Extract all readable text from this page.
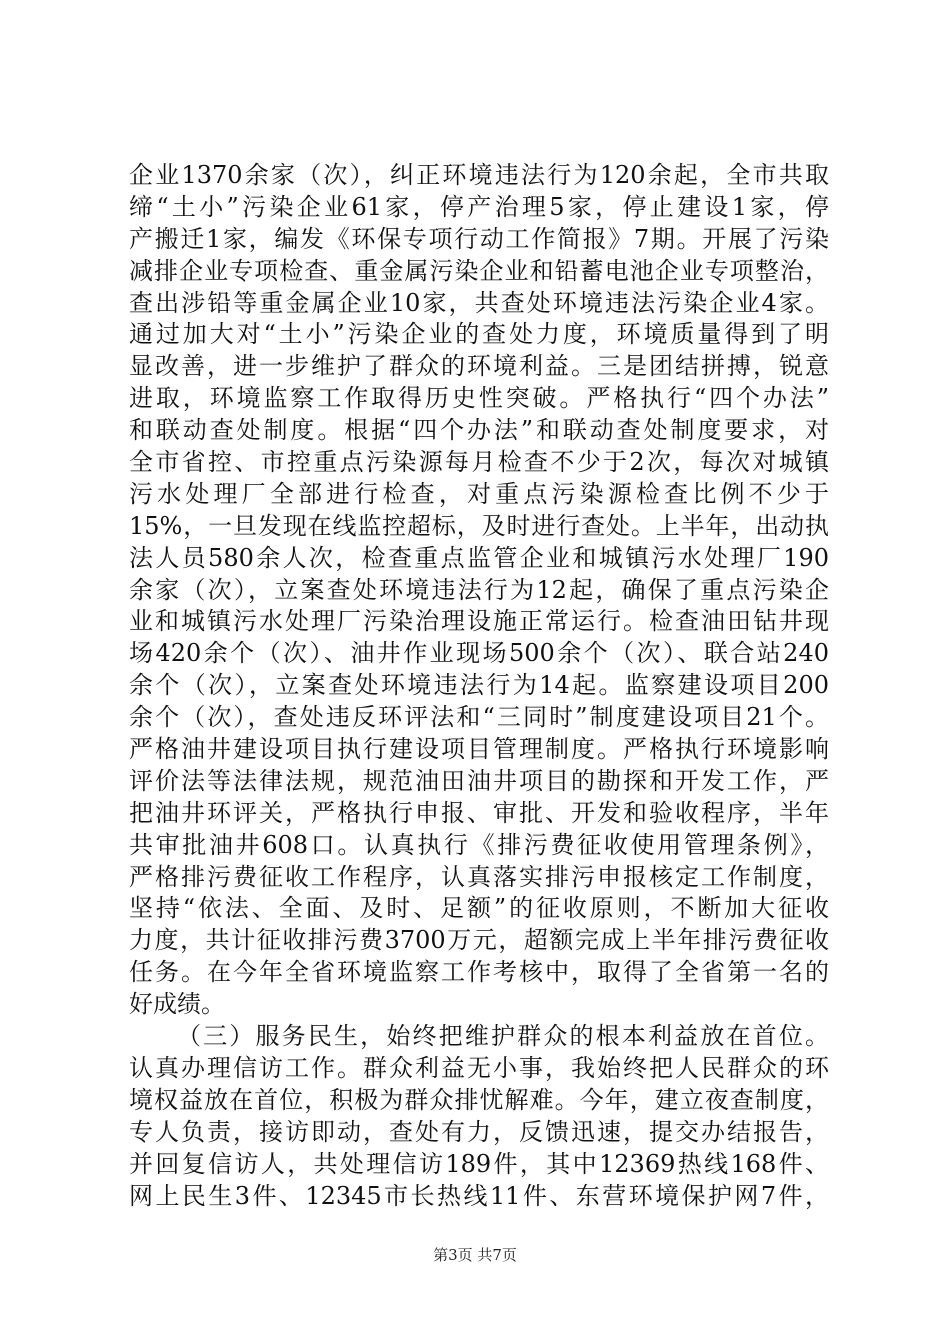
企业1370余家（次），纠正环境违法行为120余起，全市共取
缔“土小”污染企业61家，停产治理5家，停止建设1家，停
产搬迁1家，编发《环保专项行动工作简报》7期。开展了污染
减排企业专项检查、重金属污染企业和铅蓄电池企业专项整治，
查出涉铅等重金属企业10家，共查处环境违法污染企业4家。
通过加大对“土小”污染企业的查处力度，环境质量得到了明
显改善，进一步维护了群众的环境利益。三是团结拼搏，锐意
进取，环境监察工作取得历史性突破。严格执行“四个办法”
和联动查处制度。根据“四个办法”和联动查处制度要求，对
全市省控、市控重点污染源每月检查不少于2次，每次对城镇
污水处理厂全部进行检查，对重点污染源检查比例不少于
15%，一旦发现在线监控超标，及时进行查处。上半年，出动执
法人员580余人次，检查重点监管企业和城镇污水处理厂190
余家（次），立案查处环境违法行为12起，确保了重点污染企
业和城镇污水处理厂污染治理设施正常运行。检查油田钻井现
场420余个（次）、油井作业现场500余个（次）、联合站240
余个（次），立案查处环境违法行为14起。监察建设项目200
余个（次），查处违反环评法和“三同时”制度建设项目21个。
严格油井建设项目执行建设项目管理制度。严格执行环境影响
评价法等法律法规，规范油田油井项目的勘探和开发工作，严
把油井环评关，严格执行申报、审批、开发和验收程序，半年
共审批油井608口。认真执行《排污费征收使用管理条例》，
严格排污费征收工作程序，认真落实排污申报核定工作制度，
坚持“依法、全面、及时、足额”的征收原则，不断加大征收
力度，共计征收排污费3700万元，超额完成上半年排污费征收
任务。在今年全省环境监察工作考核中，取得了全省第一名的
好成绩。
（三）服务民生，始终把维护群众的根本利益放在首位。
认真办理信访工作。群众利益无小事，我始终把人民群众的环
境权益放在首位，积极为群众排忧解难。今年，建立夜查制度，
专人负责，接访即动，查处有力，反馈迅速，提交办结报告，
并回复信访人，共处理信访189件，其中12369热线168件、
网上民生3件、12345市长热线11件、东营环境保护网7件，
第3页 共7页
